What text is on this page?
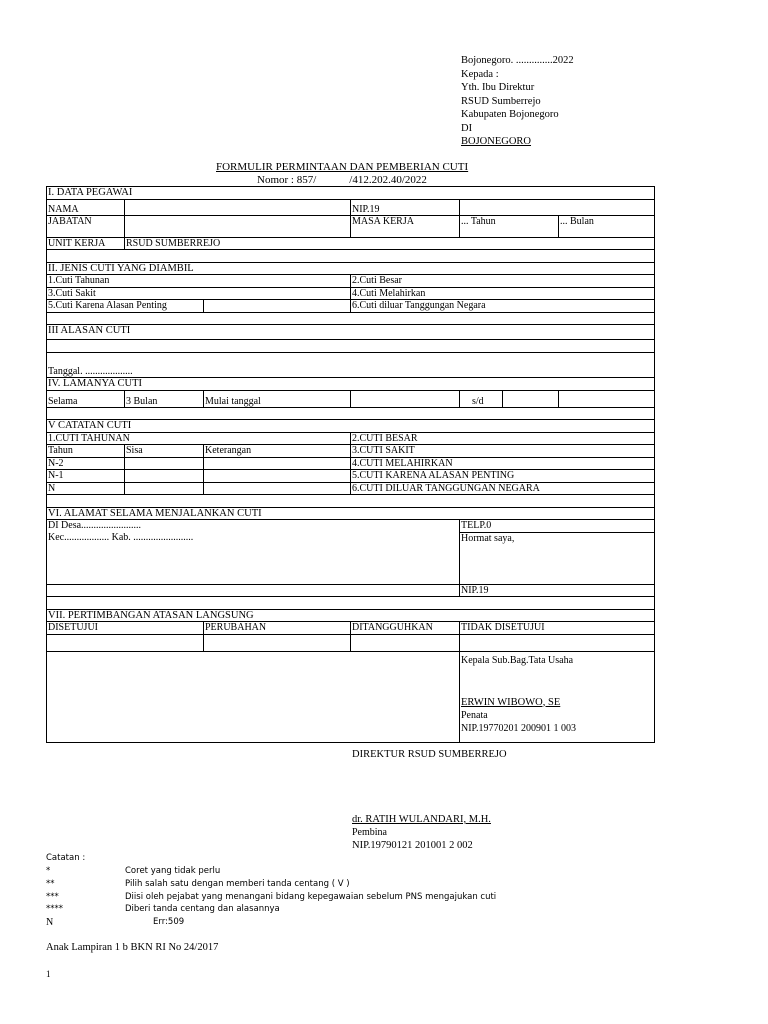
Bojonegoro. ..............2022
Kepada :
Yth. Ibu Direktur
RSUD Sumberrejo
Kabupaten Bojonegoro
DI
BOJONEGORO
FORMULIR PERMINTAAN DAN PEMBERIAN CUTI
Nomor : 857/            /412.202.40/2022
I. DATA PEGAWAI						
NAMA			NIP.19			
JABATAN			MASA KERJA	... Tahun		... Bulan
UNIT KERJA	RSUD SUMBERREJO					

II. JENIS CUTI YANG DIAMBIL						
1.Cuti Tahunan			2.Cuti Besar			
3.Cuti Sakit			4.Cuti Melahirkan			
5.Cuti Karena Alasan Penting			6.Cuti diluar Tanggungan Negara			

III ALASAN CUTI						

Tanggal. ...................						
IV. LAMANYA CUTI						
Selama	3 Bulan	Mulai tanggal		s/d		

V CATATAN CUTI						
1.CUTI TAHUNAN			2.CUTI BESAR			
Tahun	Sisa	Keterangan	3.CUTI SAKIT			
N-2			4.CUTI MELAHIRKAN			
N-1			5.CUTI KARENA ALASAN PENTING			
N			6.CUTI DILUAR TANGGUNGAN NEGARA			

VI. ALAMAT SELAMA MENJALANKAN CUTI						
DI Desa........................				TELP.0		
Kec.................. Kab. ........................				Hormat saya,		
				NIP.19		

VII. PERTIMBANGAN ATASAN LANGSUNG						
DISETUJUI		PERUBAHAN	DITANGGUHKAN	TIDAK DISETUJUI		

				Kepala Sub.Bag.Tata Usaha
ERWIN WIBOWO, SE
Penata
NIP.19770201 200901 1 003		
DIREKTUR RSUD SUMBERREJO
dr. RATIH WULANDARI, M.H.
Pembina
NIP.19790121 201001 2 002
Catatan :
*	Coret yang tidak perlu
**	Pilih salah satu dengan memberi tanda centang ( V )
***	Diisi oleh pejabat yang menangani bidang kepegawaian sebelum PNS mengajukan cuti
****	Diberi tanda centang dan alasannya
N	Err:509
Anak Lampiran 1 b BKN RI No 24/2017
1
